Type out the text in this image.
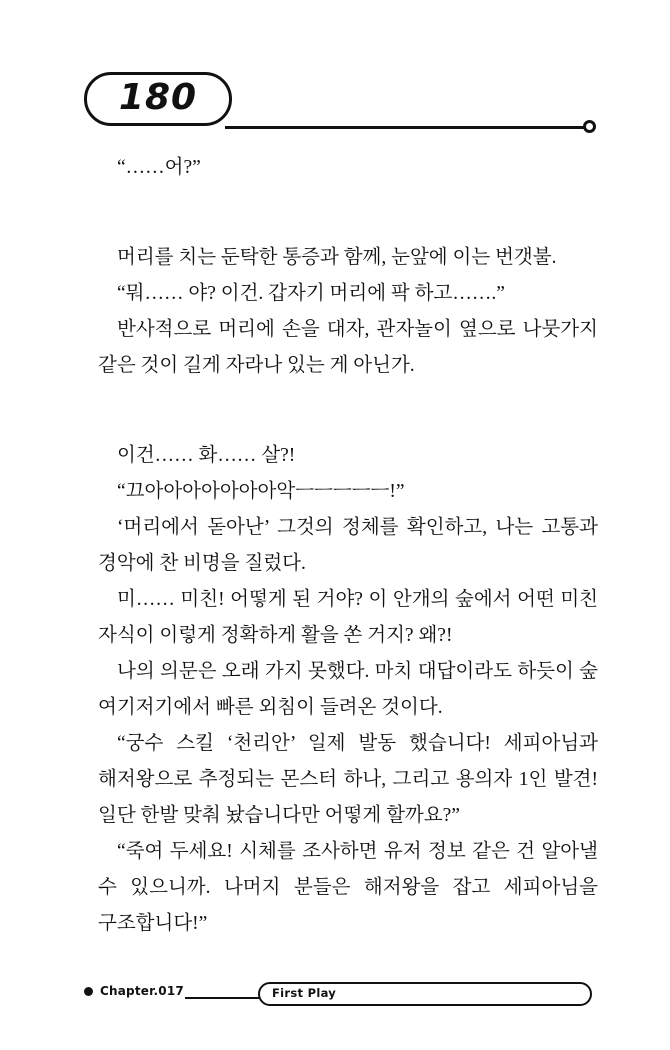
180

“……어?”

머리를 치는 둔탁한 통증과 함께, 눈앞에 이는 번갯불.

“뭐…… 야? 이건. 갑자기 머리에 팍 하고…….”

반사적으로 머리에 손을 대자, 관자놀이 옆으로 나뭇가지 같은 것이 길게 자라나 있는 게 아닌가.

이건…… 화…… 살?!

“끄아아아아아아아악ㅡㅡㅡㅡㅡ!”

‘머리에서 돋아난’ 그것의 정체를 확인하고, 나는 고통과 경악에 찬 비명을 질렀다.

미…… 미친! 어떻게 된 거야? 이 안개의 숲에서 어떤 미친 자식이 이렇게 정확하게 활을 쏜 거지? 왜?!

나의 의문은 오래 가지 못했다. 마치 대답이라도 하듯이 숲 여기저기에서 빠른 외침이 들려온 것이다.

“궁수 스킬 ‘천리안’ 일제 발동 했습니다! 세피아님과 해저왕으로 추정되는 몬스터 하나, 그리고 용의자 1인 발견! 일단 한발 맞춰 놨습니다만 어떻게 할까요?”

“죽여 두세요! 시체를 조사하면 유저 정보 같은 건 알아낼 수 있으니까. 나머지 분들은 해저왕을 잡고 세피아님을 구조합니다!”

Chapter.017	First Play
